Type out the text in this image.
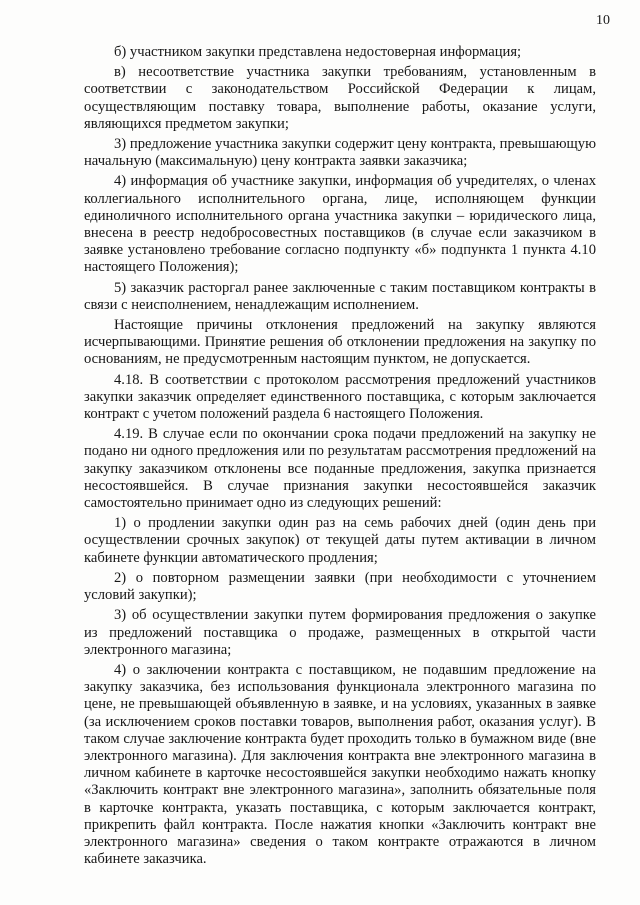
10

б) участником закупки представлена недостоверная информация;

в) несоответствие участника закупки требованиям, установленным в соответствии с законодательством Российской Федерации к лицам, осуществляющим поставку товара, выполнение работы, оказание услуги, являющихся предметом закупки;

3) предложение участника закупки содержит цену контракта, превышающую начальную (максимальную) цену контракта заявки заказчика;

4) информация об участнике закупки, информация об учредителях, о членах коллегиального исполнительного органа, лице, исполняющем функции единоличного исполнительного органа участника закупки – юридического лица, внесена в реестр недобросовестных поставщиков (в случае если заказчиком в заявке установлено требование согласно подпункту «б» подпункта 1 пункта 4.10 настоящего Положения);

5) заказчик расторгал ранее заключенные с таким поставщиком контракты в связи с неисполнением, ненадлежащим исполнением.

Настоящие причины отклонения предложений на закупку являются исчерпывающими. Принятие решения об отклонении предложения на закупку по основаниям, не предусмотренным настоящим пунктом, не допускается.

4.18. В соответствии с протоколом рассмотрения предложений участников закупки заказчик определяет единственного поставщика, с которым заключается контракт с учетом положений раздела 6 настоящего Положения.

4.19. В случае если по окончании срока подачи предложений на закупку не подано ни одного предложения или по результатам рассмотрения предложений на закупку заказчиком отклонены все поданные предложения, закупка признается несостоявшейся. В случае признания закупки несостоявшейся заказчик самостоятельно принимает одно из следующих решений:

1) о продлении закупки один раз на семь рабочих дней (один день при осуществлении срочных закупок) от текущей даты путем активации в личном кабинете функции автоматического продления;

2) о повторном размещении заявки (при необходимости с уточнением условий закупки);

3) об осуществлении закупки путем формирования предложения о закупке из предложений поставщика о продаже, размещенных в открытой части электронного магазина;

4) о заключении контракта с поставщиком, не подавшим предложение на закупку заказчика, без использования функционала электронного магазина по цене, не превышающей объявленную в заявке, и на условиях, указанных в заявке (за исключением сроков поставки товаров, выполнения работ, оказания услуг). В таком случае заключение контракта будет проходить только в бумажном виде (вне электронного магазина). Для заключения контракта вне электронного магазина в личном кабинете в карточке несостоявшейся закупки необходимо нажать кнопку «Заключить контракт вне электронного магазина», заполнить обязательные поля в карточке контракта, указать поставщика, с которым заключается контракт, прикрепить файл контракта. После нажатия кнопки «Заключить контракт вне электронного магазина» сведения о таком контракте отражаются в личном кабинете заказчика.
